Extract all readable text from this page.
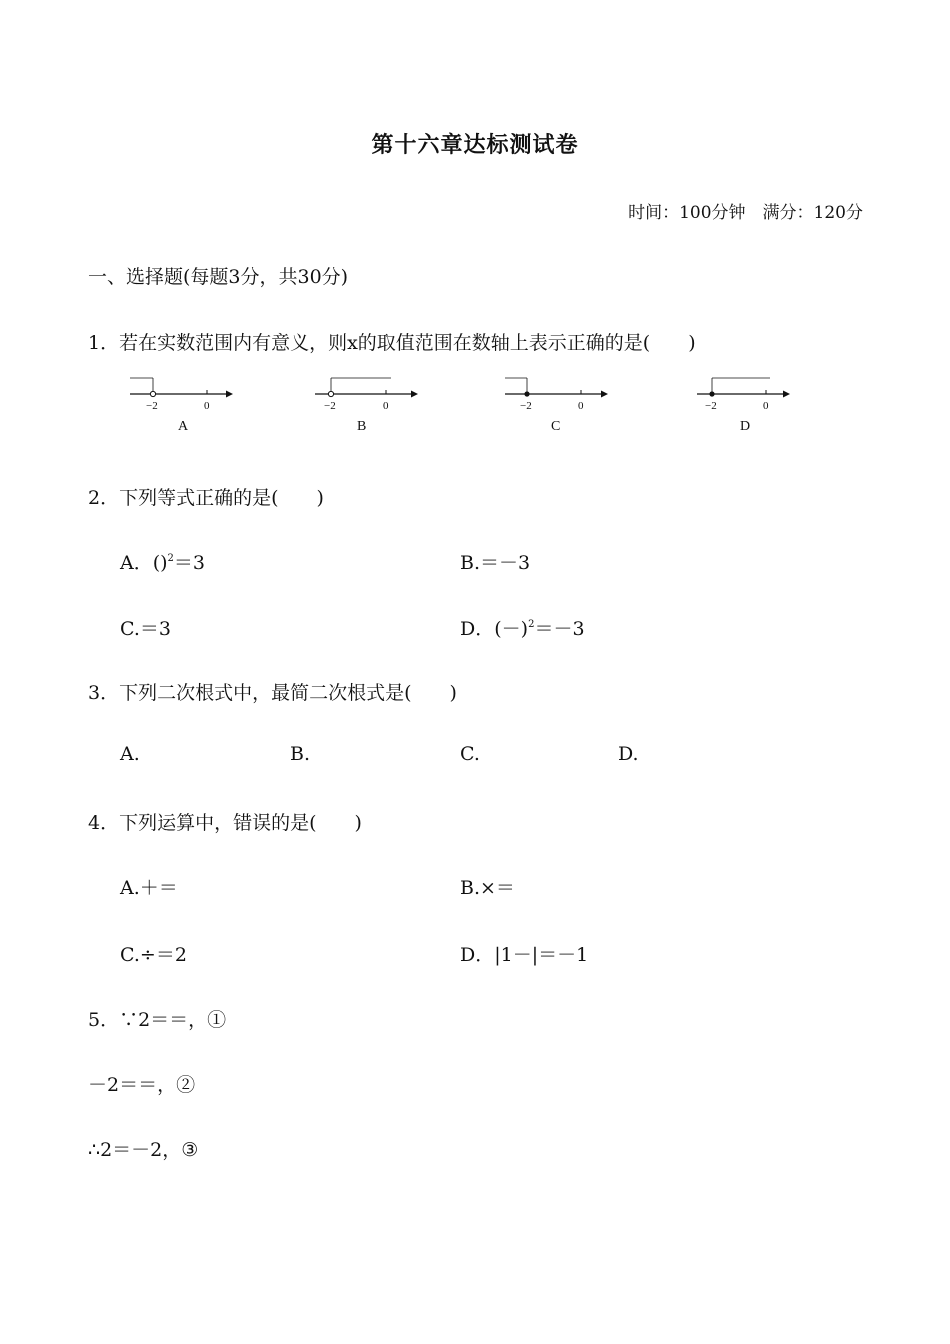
第十六章达标测试卷
时间：100分钟　满分：120分
一、选择题(每题3分，共30分)
1．若在实数范围内有意义，则x的取值范围在数轴上表示正确的是(　　)
−2	0
A
−2	0
B
−2	0
C
−2	0
D
2．下列等式正确的是(　　)
A．()$^2$＝3	B.＝－3
C.＝3	D．$(-)^2=-3$
3．下列二次根式中，最简二次根式是(　　)
A.	B.	C.	D.
4．下列运算中，错误的是(　　)
A.＋＝	B.×＝
C.÷＝2	D．|1－|＝－1
5．∵2＝＝，①
－2＝＝，②
∴2＝－2，③
